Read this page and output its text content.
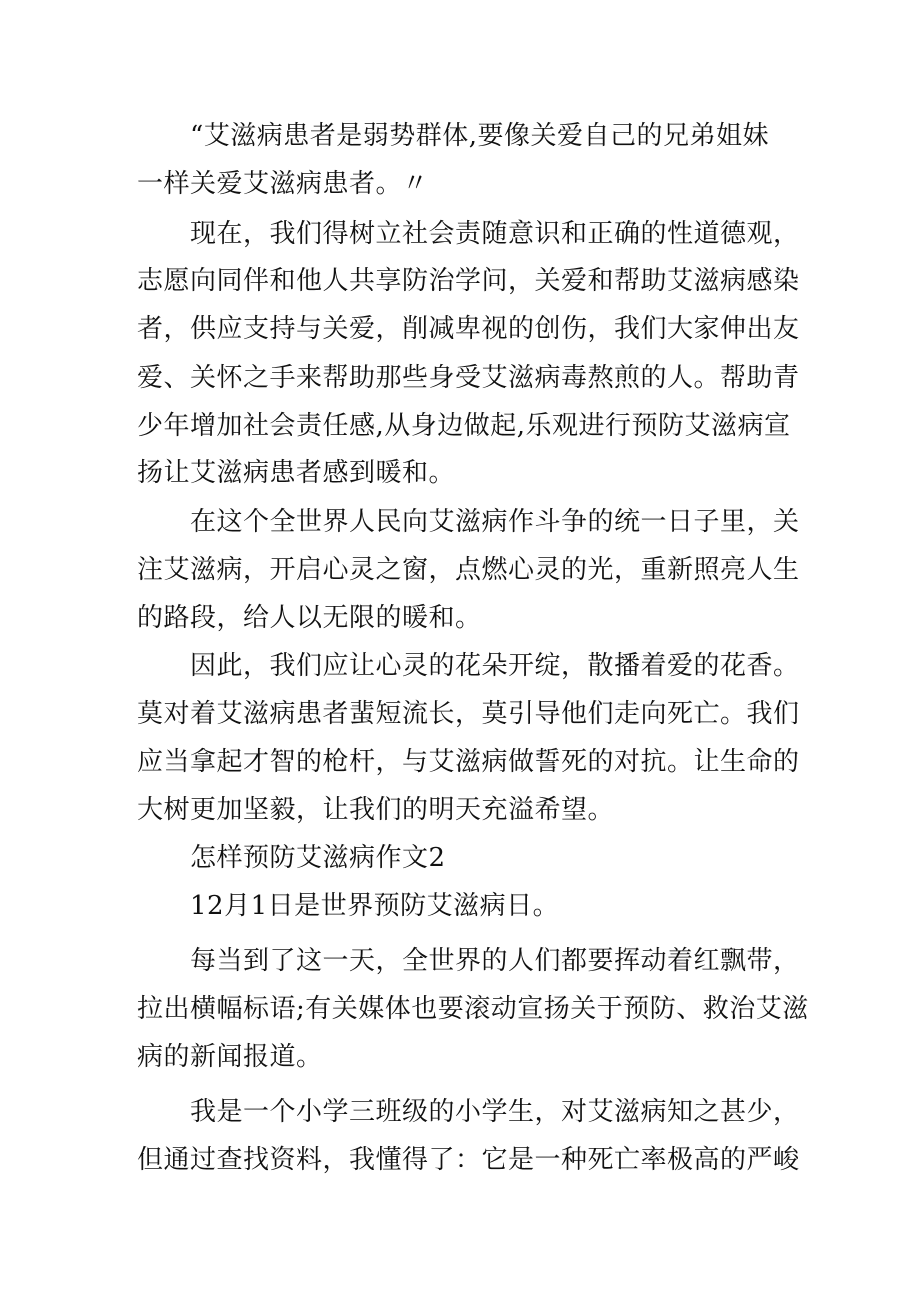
“艾滋病患者是弱势群体,要像关爱自己的兄弟姐妹
一样关爱艾滋病患者。〃
现在，我们得树立社会责随意识和正确的性道德观，
志愿向同伴和他人共享防治学问，关爱和帮助艾滋病感染
者，供应支持与关爱，削减卑视的创伤，我们大家伸出友
爱、关怀之手来帮助那些身受艾滋病毒熬煎的人。帮助青
少年增加社会责任感,从身边做起,乐观进行预防艾滋病宣
扬让艾滋病患者感到暖和。
在这个全世界人民向艾滋病作斗争的统一日子里，关
注艾滋病，开启心灵之窗，点燃心灵的光，重新照亮人生
的路段，给人以无限的暖和。
因此，我们应让心灵的花朵开绽，散播着爱的花香。
莫对着艾滋病患者蜚短流长，莫引导他们走向死亡。我们
应当拿起才智的枪杆，与艾滋病做誓死的对抗。让生命的
大树更加坚毅，让我们的明天充溢希望。
怎样预防艾滋病作文2
12月1日是世界预防艾滋病日。
每当到了这一天，全世界的人们都要挥动着红飘带，
拉出横幅标语;有关媒体也要滚动宣扬关于预防、救治艾滋
病的新闻报道。
我是一个小学三班级的小学生，对艾滋病知之甚少，
但通过查找资料，我懂得了：它是一种死亡率极高的严峻
